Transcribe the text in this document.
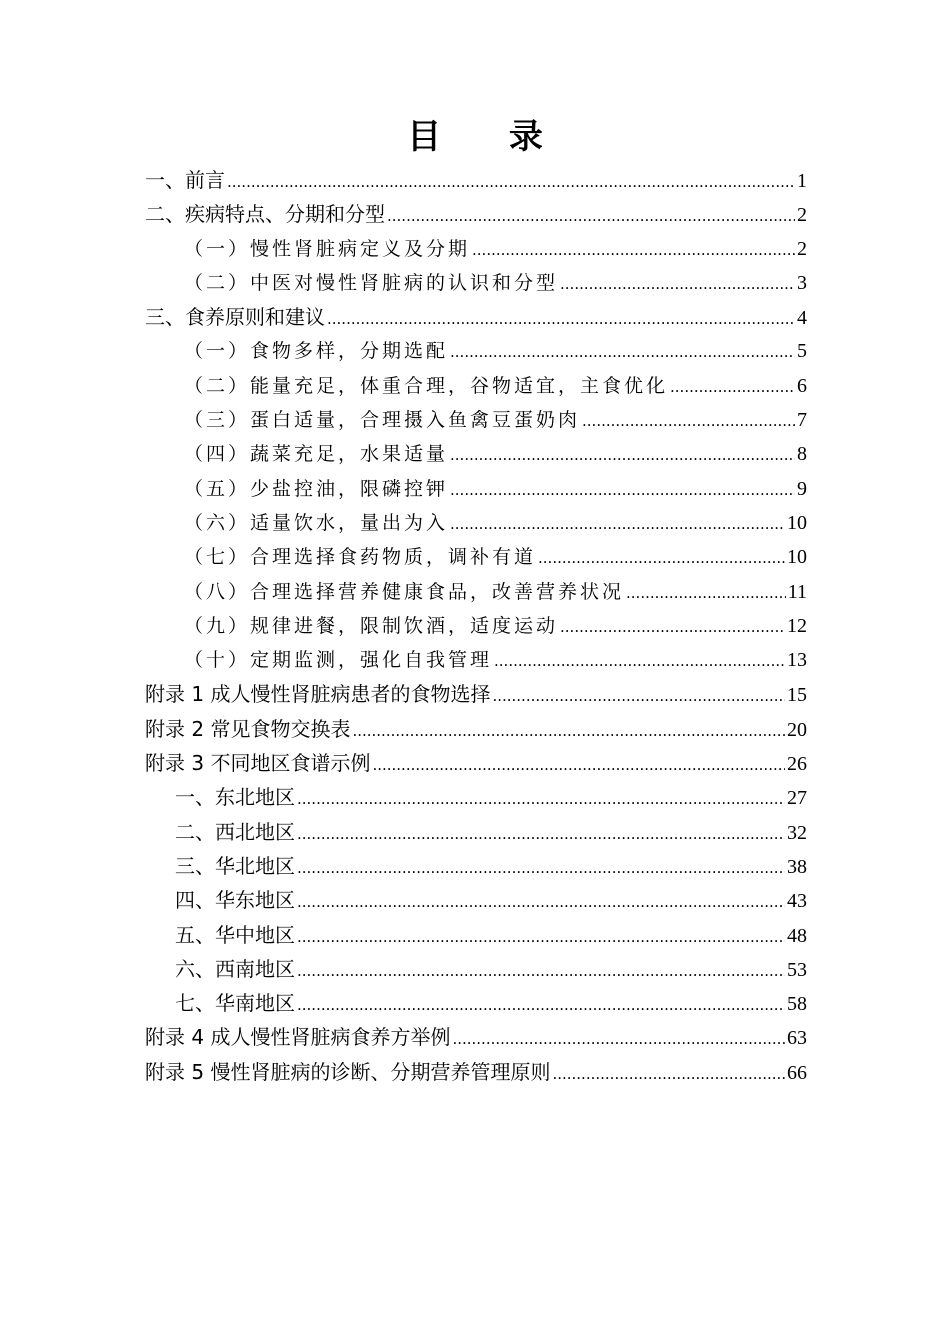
目 录
一、前言 .....	1
二、疾病特点、分期和分型 .....	2
（一）慢性肾脏病定义及分期 .....	2
（二）中医对慢性肾脏病的认识和分型 .....	3
三、食养原则和建议 .....	4
（一）食物多样，分期选配 .....	5
（二）能量充足，体重合理，谷物适宜，主食优化 .....	6
（三）蛋白适量，合理摄入鱼禽豆蛋奶肉 .....	7
（四）蔬菜充足，水果适量 .....	8
（五）少盐控油，限磷控钾 .....	9
（六）适量饮水，量出为入 .....	10
（七）合理选择食药物质，调补有道 .....	10
（八）合理选择营养健康食品，改善营养状况 .....	11
（九）规律进餐，限制饮酒，适度运动 .....	12
（十）定期监测，强化自我管理 .....	13
附录 1 成人慢性肾脏病患者的食物选择 .....	15
附录 2 常见食物交换表 .....	20
附录 3 不同地区食谱示例 .....	26
一、东北地区 .....	27
二、西北地区 .....	32
三、华北地区 .....	38
四、华东地区 .....	43
五、华中地区 .....	48
六、西南地区 .....	53
七、华南地区 .....	58
附录 4 成人慢性肾脏病食养方举例 .....	63
附录 5 慢性肾脏病的诊断、分期营养管理原则 .....	66
